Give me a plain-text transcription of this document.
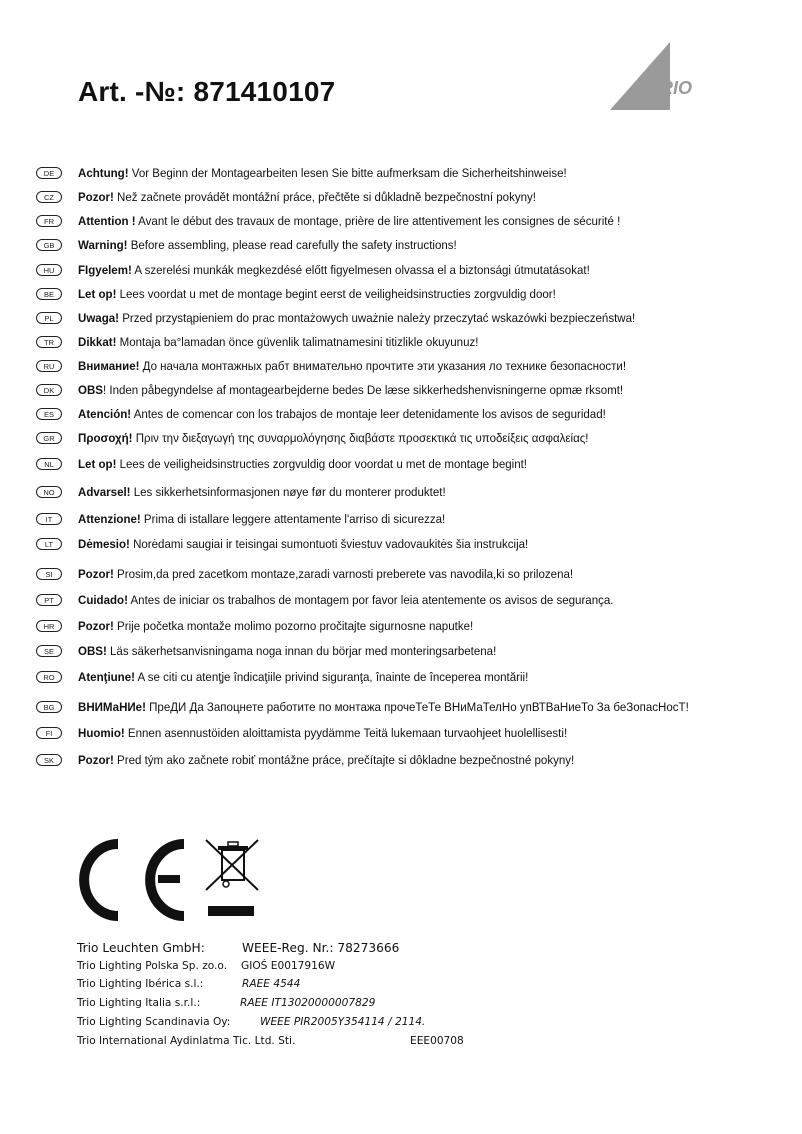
Art. -№: 871410107	TRIO
DE	Achtung! Vor Beginn der Montagearbeiten lesen Sie bitte aufmerksam die Sicherheitshinweise!
CZ	Pozor! Než začnete provádět montážní práce, přečtěte si důkladně bezpečnostní pokyny!
FR	Attention ! Avant le début des travaux de montage, prière de lire attentivement les consignes de sécurité !
GB	Warning! Before assembling, please read carefully the safety instructions!
HU	FIgyelem! A szerelési munkák megkezdésé előtt figyelmesen olvassa el a biztonsági útmutatásokat!
BE	Let op! Lees voordat u met de montage begint eerst de veiligheidsinstructies zorgvuldig door!
PL	Uwaga! Przed przystąpieniem do prac montażowych uważnie należy przeczytać wskazówki bezpieczeństwa!
TR	Dikkat! Montaja ba°lamadan önce güvenlik talimatnamesini titizlikle okuyunuz!
RU	Внимание! До начала монтажных рабт внимательно прочтите эти указания ло технике безопасности!
DK	OBS! Inden påbegyndelse af montagearbejderne bedes De læse sikkerhedshenvisningerne opmæ rksomt!
ES	Atención! Antes de comencar con los trabajos de montaje leer detenidamente los avisos de seguridad!
GR	Προσοχή! Πριν την διεξαγωγή της συναρμολόγησης διαβάστε προσεκτικά τις υποδείξεις ασφαλείας!
NL	Let op! Lees de veiligheidsinstructies zorgvuldig door voordat u met de montage begint!
NO	Advarsel! Les sikkerhetsinformasjonen nøye før du monterer produktet!
IT	Attenzione! Prima di istallare leggere attentamente l'arriso di sicurezza!
LT	Dėmesio! Norėdami saugiai ir teisingai sumontuoti šviestuv vadovaukitės šia instrukcija!
SI	Pozor! Prosim,da pred zacetkom montaze,zaradi varnosti preberete vas navodila,ki so prilozena!
PT	Cuidado! Antes de iniciar os trabalhos de montagem por favor leia atentemente os avisos de segurança.
HR	Pozor! Prije početka montaže molimo pozorno pročitajte sigurnosne naputke!
SE	OBS! Läs säkerhetsanvisningama noga innan du börjar med monteringsarbetena!
RO	Atenţiune! A se citi cu atenţje îndicaţiile privind siguranţa, înainte de începerea montării!
BG	ВНИМаНИе! ПреДИ Да Запоцнете работите по монтажа прочеТеТе ВНиМаТелНо упВТВаНиеТо За беЗопасНосТ!
FI	Huomio! Ennen asennustöiden aloittamista pyydämme Teitä lukemaan turvaohjeet huolellisesti!
SK	Pozor! Pred tým ako začnete robiť montážne práce, prečítajte si dôkladne bezpečnostné pokyny!
Trio Leuchten GmbH:	WEEE-Reg. Nr.: 78273666
Trio Lighting Polska Sp. zo.o. GIOŚ E0017916W
Trio Lighting Ibérica s.l.:	RAEE 4544
Trio Lighting Italia s.r.l.:	RAEE IT13020000007829
Trio Lighting Scandinavia Oy:	WEEE PIR2005Y354114 / 2114.
Trio International Aydinlatma Tic. Ltd. Sti.	EEE00708
